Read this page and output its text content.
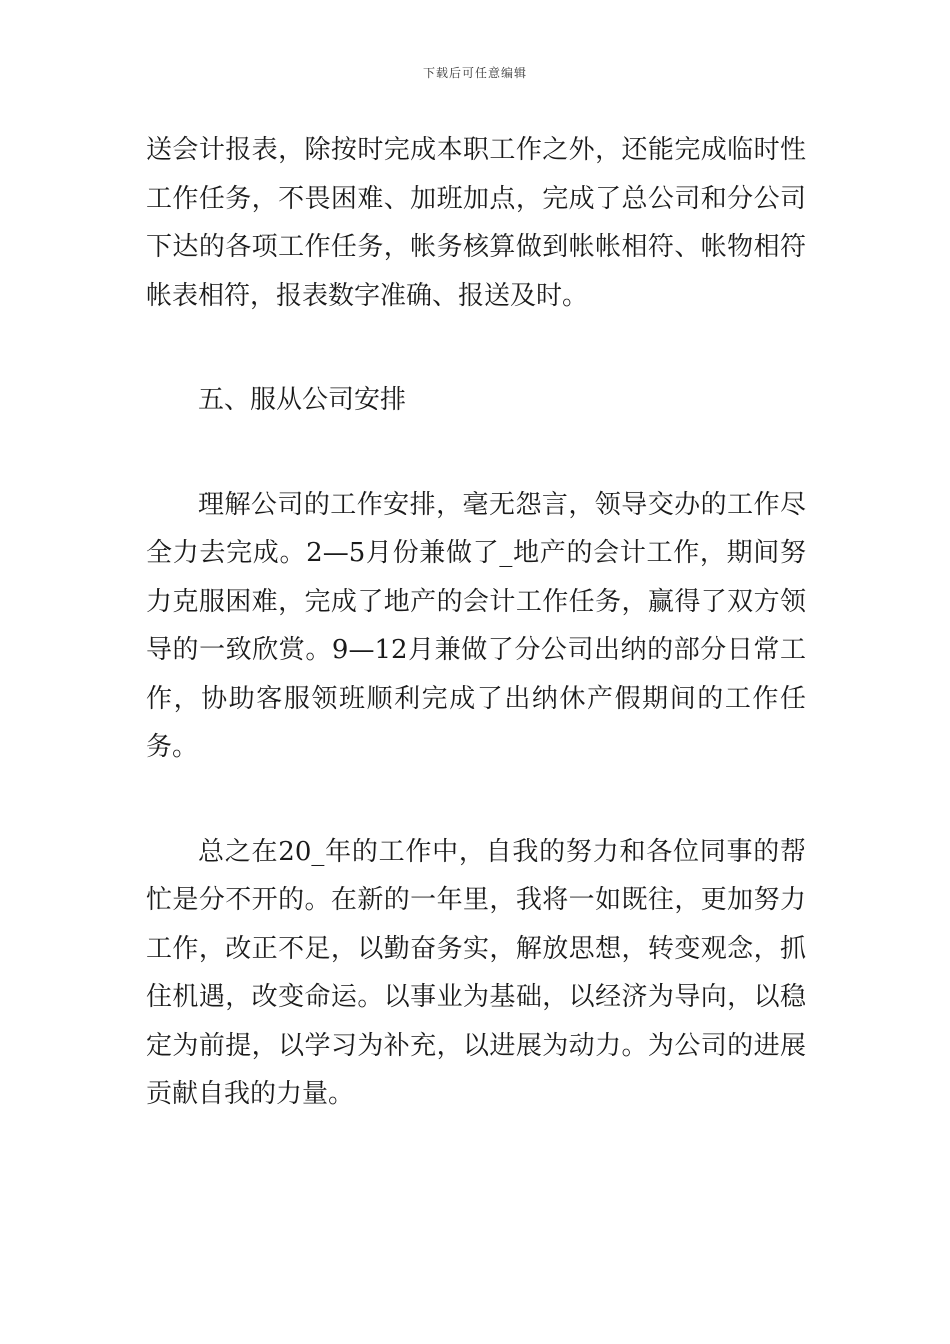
下载后可任意编辑

送会计报表，除按时完成本职工作之外，还能完成临时性工作任务，不畏困难、加班加点，完成了总公司和分公司下达的各项工作任务，帐务核算做到帐帐相符、帐物相符帐表相符，报表数字准确、报送及时。

五、服从公司安排

理解公司的工作安排，毫无怨言，领导交办的工作尽全力去完成。2—5月份兼做了_地产的会计工作，期间努力克服困难，完成了地产的会计工作任务，赢得了双方领导的一致欣赏。9—12月兼做了分公司出纳的部分日常工作，协助客服领班顺利完成了出纳休产假期间的工作任务。

总之在20_年的工作中，自我的努力和各位同事的帮忙是分不开的。在新的一年里，我将一如既往，更加努力工作，改正不足，以勤奋务实，解放思想，转变观念，抓住机遇，改变命运。以事业为基础，以经济为导向，以稳定为前提，以学习为补充，以进展为动力。为公司的进展贡献自我的力量。
